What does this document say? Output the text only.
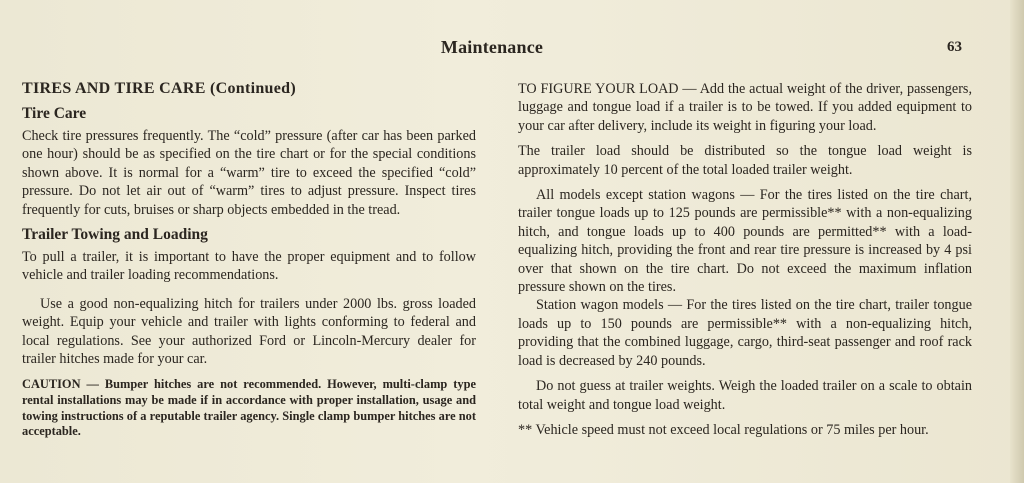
Maintenance	63
TIRES AND TIRE CARE (Continued)
Tire Care

Check tire pressures frequently. The “cold” pressure (after car has been parked one hour) should be as specified on the tire chart or for the special conditions shown above. It is normal for a “warm” tire to exceed the specified “cold” pressure. Do not let air out of “warm” tires to adjust pressure. Inspect tires frequently for cuts, bruises or sharp objects embedded in the tread.

Trailer Towing and Loading

To pull a trailer, it is important to have the proper equipment and to follow vehicle and trailer loading recommendations.

Use a good non-equalizing hitch for trailers under 2000 lbs. gross loaded weight. Equip your vehicle and trailer with lights conforming to federal and local regulations. See your authorized Ford or Lincoln-Mercury dealer for trailer hitches made for your car.

CAUTION — Bumper hitches are not recommended. However, multi-clamp type rental installations may be made if in accordance with proper installation, usage and towing instructions of a reputable trailer agency. Single clamp bumper hitches are not acceptable.

TO FIGURE YOUR LOAD — Add the actual weight of the driver, passengers, luggage and tongue load if a trailer is to be towed. If you added equipment to your car after delivery, include its weight in figuring your load.

The trailer load should be distributed so the tongue load weight is approximately 10 percent of the total loaded trailer weight.

All models except station wagons — For the tires listed on the tire chart, trailer tongue loads up to 125 pounds are permissible** with a non-equalizing hitch, and tongue loads up to 400 pounds are permitted** with a load-equalizing hitch, providing the front and rear tire pressure is increased by 4 psi over that shown on the tire chart. Do not exceed the maximum inflation pressure shown on the tires.

Station wagon models — For the tires listed on the tire chart, trailer tongue loads up to 150 pounds are permissible** with a non-equalizing hitch, providing that the combined luggage, cargo, third-seat passenger and roof rack load is decreased by 240 pounds.

Do not guess at trailer weights. Weigh the loaded trailer on a scale to obtain total weight and tongue load weight.

** Vehicle speed must not exceed local regulations or 75 miles per hour.
